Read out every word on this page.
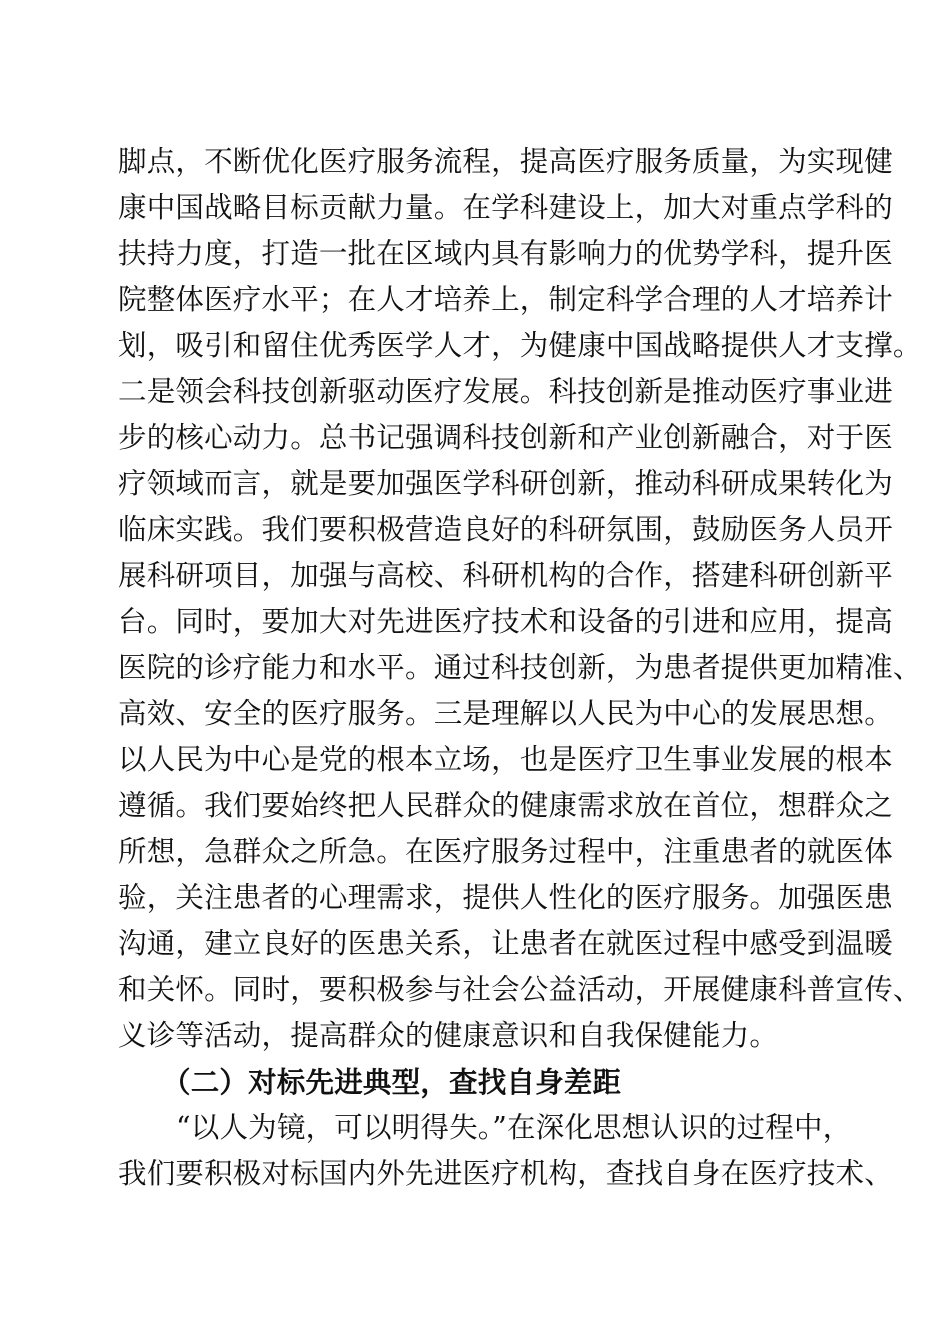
脚点，不断优化医疗服务流程，提高医疗服务质量，为实现健
康中国战略目标贡献力量。在学科建设上，加大对重点学科的
扶持力度，打造一批在区域内具有影响力的优势学科，提升医
院整体医疗水平；在人才培养上，制定科学合理的人才培养计
划，吸引和留住优秀医学人才，为健康中国战略提供人才支撑。
二是领会科技创新驱动医疗发展。科技创新是推动医疗事业进
步的核心动力。总书记强调科技创新和产业创新融合，对于医
疗领域而言，就是要加强医学科研创新，推动科研成果转化为
临床实践。我们要积极营造良好的科研氛围，鼓励医务人员开
展科研项目，加强与高校、科研机构的合作，搭建科研创新平
台。同时，要加大对先进医疗技术和设备的引进和应用，提高
医院的诊疗能力和水平。通过科技创新，为患者提供更加精准、
高效、安全的医疗服务。三是理解以人民为中心的发展思想。
以人民为中心是党的根本立场，也是医疗卫生事业发展的根本
遵循。我们要始终把人民群众的健康需求放在首位，想群众之
所想，急群众之所急。在医疗服务过程中，注重患者的就医体
验，关注患者的心理需求，提供人性化的医疗服务。加强医患
沟通，建立良好的医患关系，让患者在就医过程中感受到温暖
和关怀。同时，要积极参与社会公益活动，开展健康科普宣传、
义诊等活动，提高群众的健康意识和自我保健能力。
（二）对标先进典型，查找自身差距
“以人为镜，可以明得失。”在深化思想认识的过程中，
我们要积极对标国内外先进医疗机构，查找自身在医疗技术、
